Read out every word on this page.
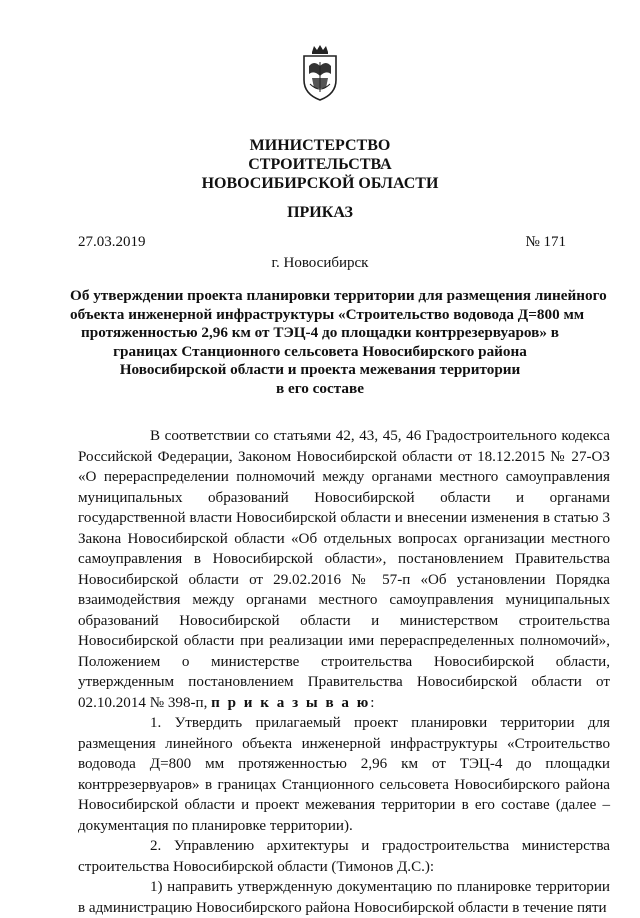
МИНИСТЕРСТВО
СТРОИТЕЛЬСТВА
НОВОСИБИРСКОЙ ОБЛАСТИ
ПРИКАЗ
27.03.2019	№ 171
г. Новосибирск
Об утверждении проекта планировки территории для размещения линейного
объекта инженерной инфраструктуры «Строительство водовода Д=800 мм
протяженностью 2,96 км от ТЭЦ-4 до площадки контррезервуаров» в
границах Станционного сельсовета Новосибирского района
Новосибирской области и проекта межевания территории
в его составе

В соответствии со статьями 42, 43, 45, 46 Градостроительного кодекса Российской Федерации, Законом Новосибирской области от 18.12.2015 № 27-ОЗ «О перераспределении полномочий между органами местного самоуправления муниципальных образований Новосибирской области и органами государственной власти Новосибирской области и внесении изменения в статью 3 Закона Новосибирской области «Об отдельных вопросах организации местного самоуправления в Новосибирской области», постановлением Правительства Новосибирской области от 29.02.2016 № 57-п «Об установлении Порядка взаимодействия между органами местного самоуправления муниципальных образований Новосибирской области и министерством строительства Новосибирской области при реализации ими перераспределенных полномочий», Положением о министерстве строительства Новосибирской области, утвержденным постановлением Правительства Новосибирской области от 02.10.2014 № 398-п, п р и к а з ы в а ю:

1. Утвердить прилагаемый проект планировки территории для размещения линейного объекта инженерной инфраструктуры «Строительство водовода Д=800 мм протяженностью 2,96 км от ТЭЦ-4 до площадки контррезервуаров» в границах Станционного сельсовета Новосибирского района Новосибирской области и проект межевания территории в его составе (далее – документация по планировке территории).

2. Управлению архитектуры и градостроительства министерства строительства Новосибирской области (Тимонов Д.С.):

1) направить утвержденную документацию по планировке территории в администрацию Новосибирского района Новосибирской области в течение пяти
